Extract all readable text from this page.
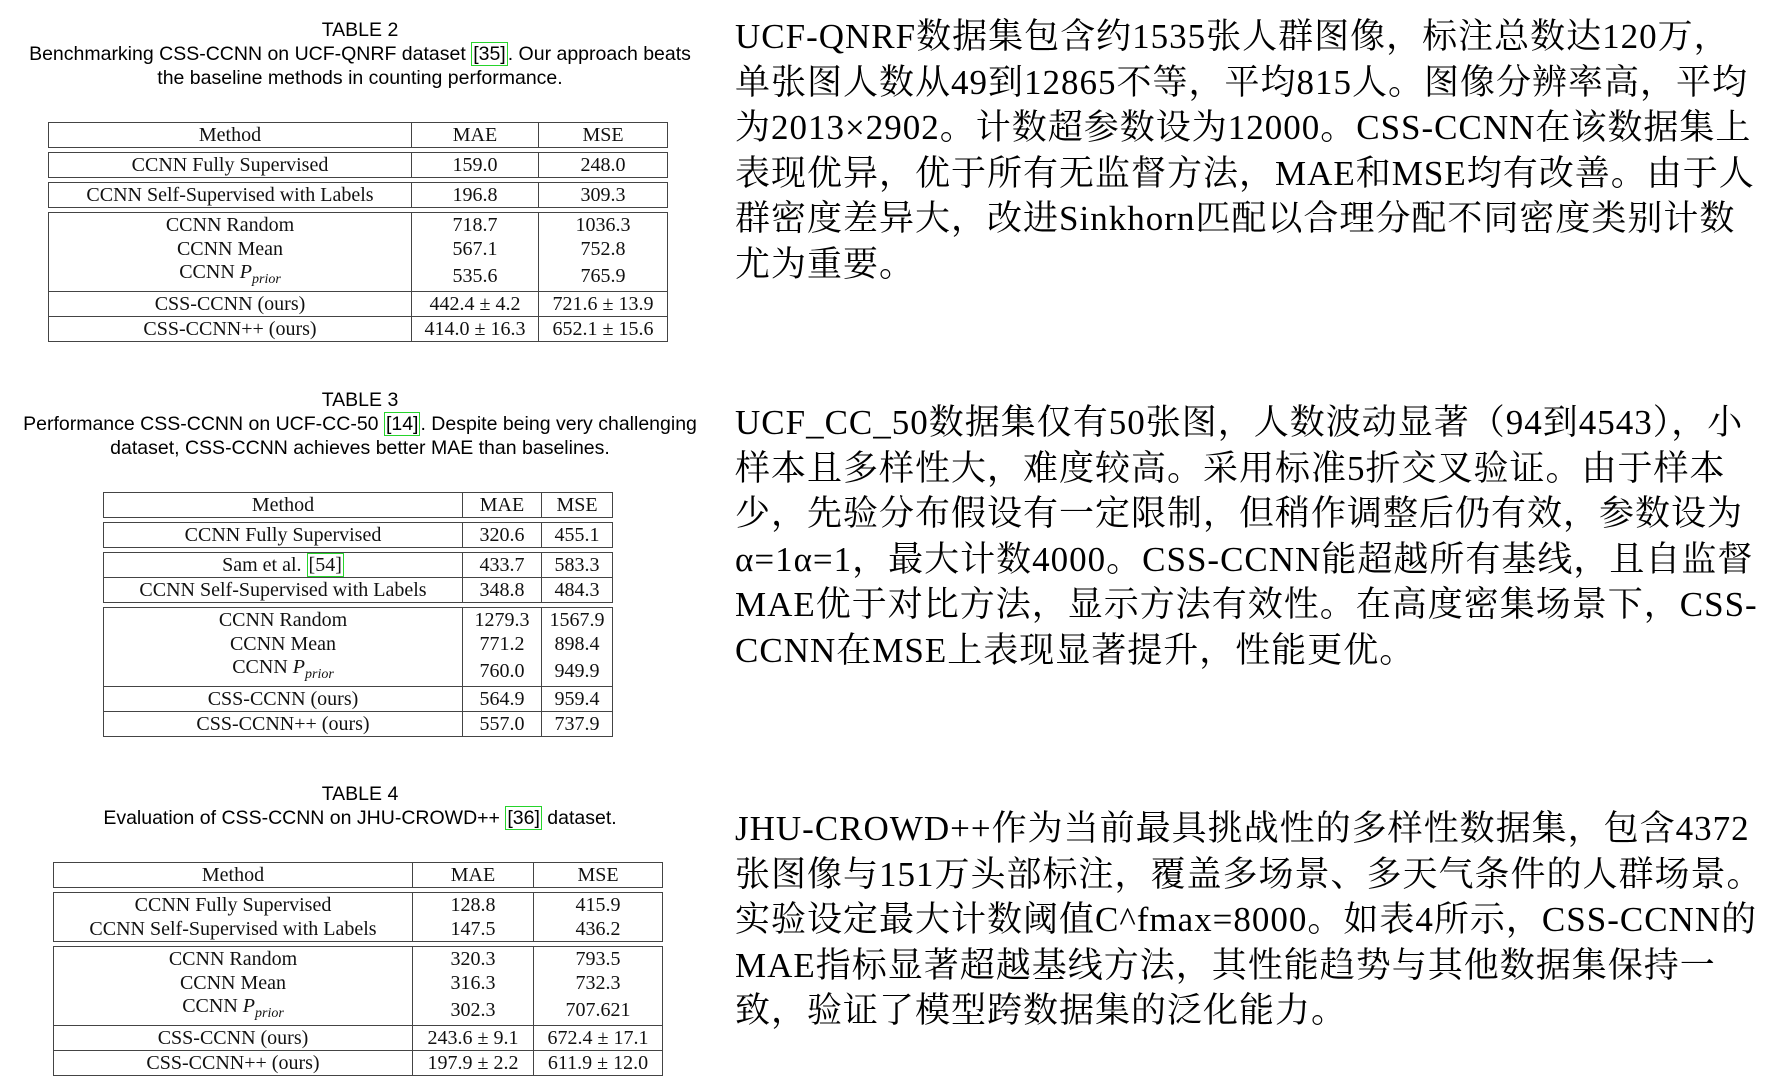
TABLE 2
Benchmarking CSS-CCNN on UCF-QNRF dataset [35] . Our approach beats the baseline methods in counting performance.
Method	MAE	MSE

CCNN Fully Supervised	159.0	248.0

CCNN Self-Supervised with Labels	196.8	309.3

CCNN Random	718.7	1036.3
CCNN Mean	567.1	752.8
CCNN $P_{prior}$	535.6	765.9
CSS-CCNN (ours)	442.4 ± 4.2	721.6 ± 13.9
CSS-CCNN++ (ours)	414.0 ± 16.3	652.1 ± 15.6
TABLE 3
Performance CSS-CCNN on UCF-CC-50 [14] . Despite being very challenging dataset, CSS-CCNN achieves better MAE than baselines.
Method	MAE	MSE

CCNN Fully Supervised	320.6	455.1

Sam et al. [54]	433.7	583.3
CCNN Self-Supervised with Labels	348.8	484.3

CCNN Random	1279.3	1567.9
CCNN Mean	771.2	898.4
CCNN $P_{prior}$	760.0	949.9
CSS-CCNN (ours)	564.9	959.4
CSS-CCNN++ (ours)	557.0	737.9
TABLE 4
Evaluation of CSS-CCNN on JHU-CROWD++ [36] dataset.
Method	MAE	MSE

CCNN Fully Supervised	128.8	415.9
CCNN Self-Supervised with Labels	147.5	436.2

CCNN Random	320.3	793.5
CCNN Mean	316.3	732.3
CCNN $P_{prior}$	302.3	707.621
CSS-CCNN (ours)	243.6 ± 9.1	672.4 ± 17.1
CSS-CCNN++ (ours)	197.9 ± 2.2	611.9 ± 12.0
UCF-QNRF数据集包含约1535张人群图像，标注总数达120万，单张图人数从49到12865不等，平均815人。图像分辨率高，平均为2013×2902。计数超参数设为12000。CSS-CCNN在该数据集上表现优异，优于所有无监督方法，MAE和MSE均有改善。由于人群密度差异大，改进Sinkhorn匹配以合理分配不同密度类别计数尤为重要。
UCF_CC_50数据集仅有50张图，人数波动显著（94到4543），小样本且多样性大，难度较高。采用标准5折交叉验证。由于样本少，先验分布假设有一定限制，但稍作调整后仍有效，参数设为 α=1α=1，最大计数4000。CSS-CCNN能超越所有基线，且自监督MAE优于对比方法，显示方法有效性。在高度密集场景下，CSS-CCNN在MSE上表现显著提升，性能更优。
JHU-CROWD++作为当前最具挑战性的多样性数据集，包含4372张图像与151万头部标注，覆盖多场景、多天气条件的人群场景。实验设定最大计数阈值C^fmax=8000。如表4所示，CSS-CCNN的MAE指标显著超越基线方法，其性能趋势与其他数据集保持一致，验证了模型跨数据集的泛化能力。
